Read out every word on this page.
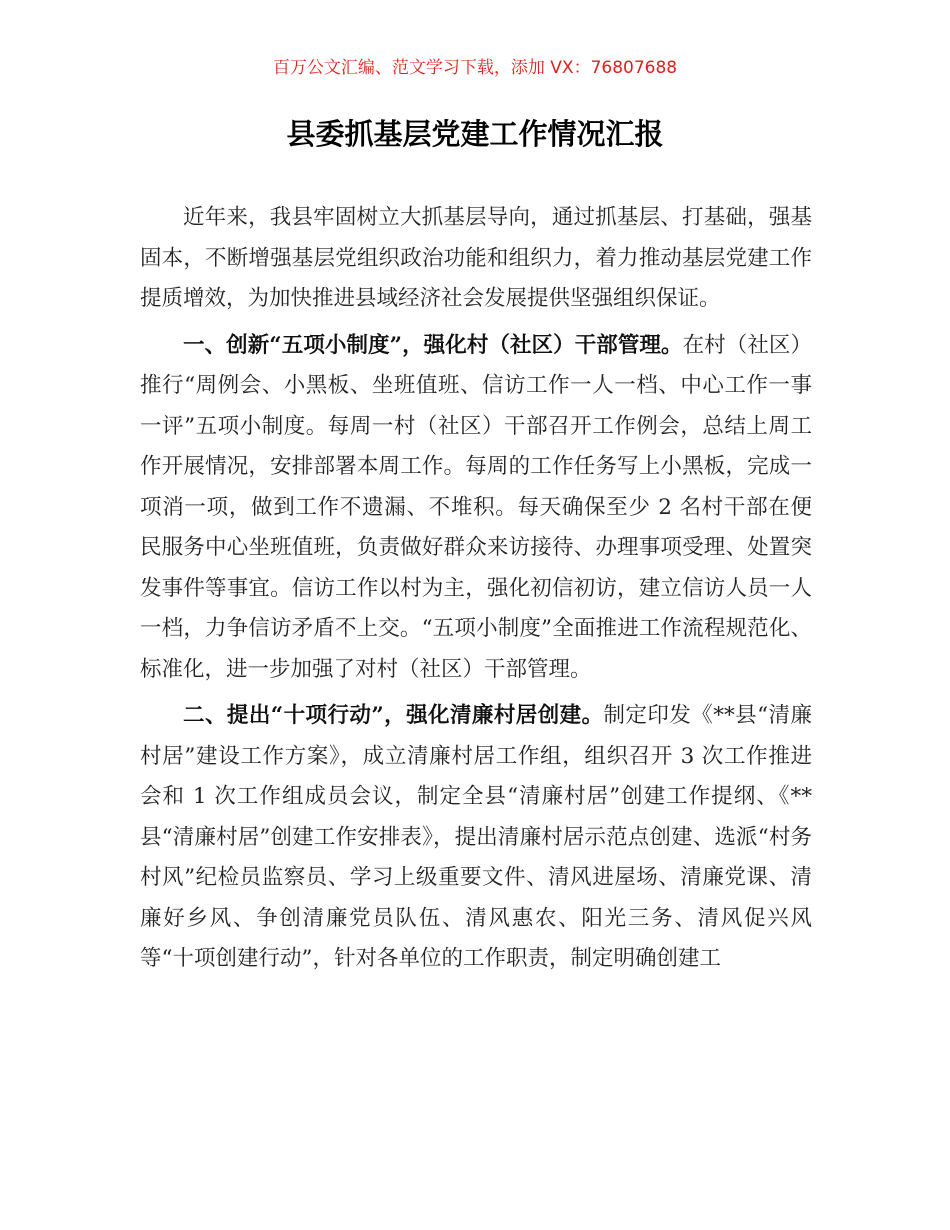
百万公文汇编、范文学习下载，添加 VX：76807688
县委抓基层党建工作情况汇报

近年来，我县牢固树立大抓基层导向，通过抓基层、打基础，强基固本，不断增强基层党组织政治功能和组织力，着力推动基层党建工作提质增效，为加快推进县域经济社会发展提供坚强组织保证。

一、创新“五项小制度”，强化村（社区）干部管理。在村（社区）推行“周例会、小黑板、坐班值班、信访工作一人一档、中心工作一事一评”五项小制度。每周一村（社区）干部召开工作例会，总结上周工作开展情况，安排部署本周工作。每周的工作任务写上小黑板，完成一项消一项，做到工作不遗漏、不堆积。每天确保至少 2 名村干部在便民服务中心坐班值班，负责做好群众来访接待、办理事项受理、处置突发事件等事宜。信访工作以村为主，强化初信初访，建立信访人员一人一档，力争信访矛盾不上交。“五项小制度”全面推进工作流程规范化、标准化，进一步加强了对村（社区）干部管理。

二、提出“十项行动”，强化清廉村居创建。制定印发《**县“清廉村居”建设工作方案》，成立清廉村居工作组，组织召开 3 次工作推进会和 1 次工作组成员会议，制定全县“清廉村居”创建工作提纲、《**县“清廉村居”创建工作安排表》，提出清廉村居示范点创建、选派“村务村风”纪检员监察员、学习上级重要文件、清风进屋场、清廉党课、清廉好乡风、争创清廉党员队伍、清风惠农、阳光三务、清风促兴风等“十项创建行动”，针对各单位的工作职责，制定明确创建工
